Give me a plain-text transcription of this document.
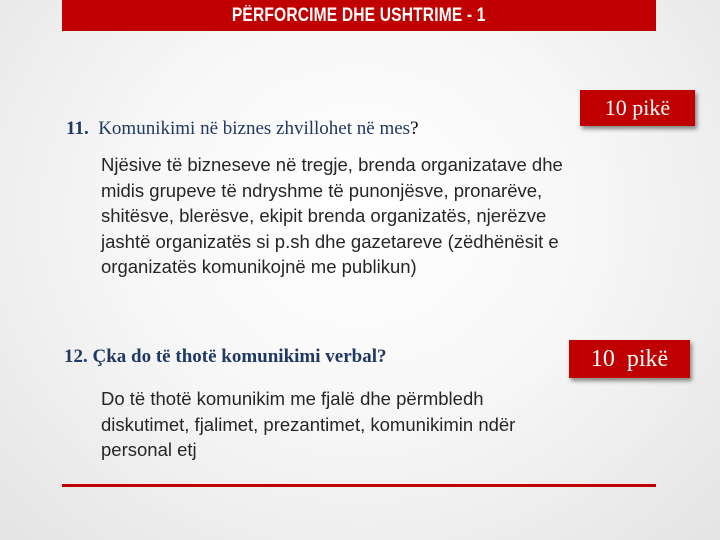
PËRFORCIME DHE USHTRIME - 1
11. Komunikimi në biznes zhvillohet në mes?
10 pikë
Njësive të bizneseve në tregje, brenda organizatave dhe
midis grupeve të ndryshme të punonjësve, pronarëve,
shitësve, blerësve, ekipit brenda organizatës, njerëzve
jashtë organizatës si p.sh dhe gazetareve (zëdhënësit e
organizatës komunikojnë me publikun)
12. Çka do të thotë komunikimi verbal?	10 pikë
Do të thotë komunikim me fjalë dhe përmbledh
diskutimet, fjalimet, prezantimet, komunikimin ndër
personal etj
